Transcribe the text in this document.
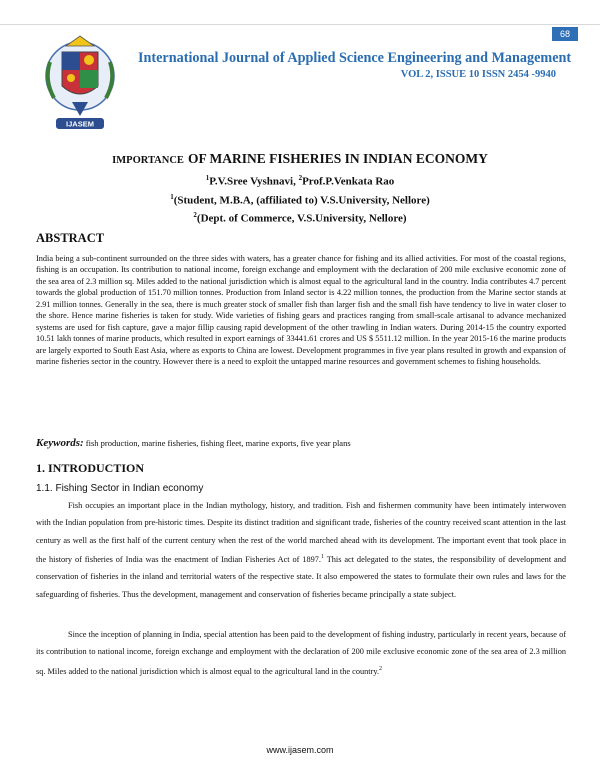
68
IJASEM
International Journal of Applied Science Engineering and Management
VOL 2, ISSUE 10 ISSN 2454 -9940
IMPORTANCE OF MARINE FISHERIES IN INDIAN ECONOMY
$^1$P.V.Sree Vyshnavi, $^2$Prof.P.Venkata Rao
$^1$(Student, M.B.A, (affiliated to) V.S.University, Nellore)
$^2$(Dept. of Commerce, V.S.University, Nellore)
ABSTRACT
India being a sub-continent surrounded on the three sides with waters, has a greater chance for fishing and its allied activities. For most of the coastal regions, fishing is an occupation. Its contribution to national income, foreign exchange and employment with the declaration of 200 mile exclusive economic zone of the sea area of 2.3 million sq. Miles added to the national jurisdiction which is almost equal to the agricultural land in the country. India contributes 4.7 percent towards the global production of 151.70 million tonnes. Production from Inland sector is 4.22 million tonnes, the production from the Marine sector stands at 2.91 million tonnes. Generally in the sea, there is much greater stock of smaller fish than larger fish and the small fish have tendency to live in water closer to the shore. Hence marine fisheries is taken for study. Wide varieties of fishing gears and practices ranging from small-scale artisanal to advance mechanized systems are used for fish capture, gave a major fillip causing rapid development of the other trawling in Indian waters. During 2014-15 the country exported 10.51 lakh tonnes of marine products, which resulted in export earnings of 33441.61 crores and US $ 5511.12 million. In the year 2015-16 the marine products are largely exported to South East Asia, where as exports to China are lowest. Development programmes in five year plans resulted in growth and expansion of marine fisheries sector in the country. However there is a need to exploit the untapped marine resources and government schemes to fishing households.
Keywords: fish production, marine fisheries, fishing fleet, marine exports, five year plans
1. INTRODUCTION
1.1. Fishing Sector in Indian economy
Fish occupies an important place in the Indian mythology, history, and tradition. Fish and fishermen community have been intimately interwoven with the Indian population from pre-historic times. Despite its distinct tradition and significant trade, fisheries of the country received scant attention in the last century as well as the first half of the current century when the rest of the world marched ahead with its development. The important event that took place in the history of fisheries of India was the enactment of Indian Fisheries Act of 1897.$^1$ This act delegated to the states, the responsibility of development and conservation of fisheries in the inland and territorial waters of the respective state. It also empowered the states to formulate their own rules and laws for the safeguarding of fisheries. Thus the development, management and conservation of fisheries became principally a state subject.
Since the inception of planning in India, special attention has been paid to the development of fishing industry, particularly in recent years, because of its contribution to national income, foreign exchange and employment with the declaration of 200 mile exclusive economic zone of the sea area of 2.3 million sq. Miles added to the national jurisdiction which is almost equal to the agricultural land in the country.$^2$
www.ijasem.com
